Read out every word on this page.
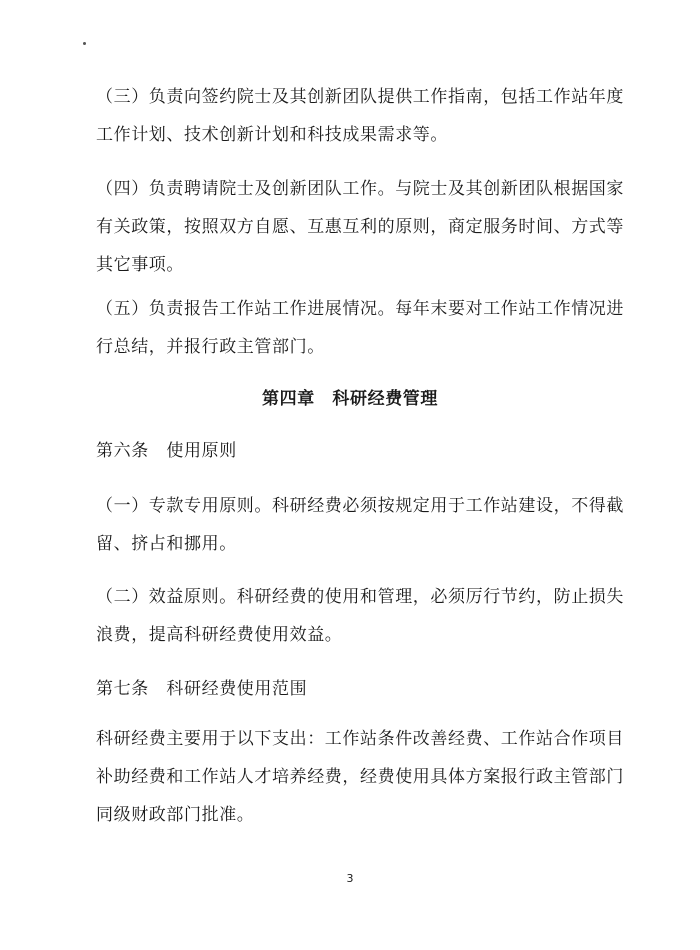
（三）负责向签约院士及其创新团队提供工作指南，包括工作站年度
工作计划、技术创新计划和科技成果需求等。

（四）负责聘请院士及创新团队工作。与院士及其创新团队根据国家
有关政策，按照双方自愿、互惠互利的原则，商定服务时间、方式等
其它事项。

（五）负责报告工作站工作进展情况。每年末要对工作站工作情况进
行总结，并报行政主管部门。

第四章　科研经费管理

第六条　使用原则

（一）专款专用原则。科研经费必须按规定用于工作站建设，不得截
留、挤占和挪用。

（二）效益原则。科研经费的使用和管理，必须厉行节约，防止损失
浪费，提高科研经费使用效益。

第七条　科研经费使用范围

科研经费主要用于以下支出：工作站条件改善经费、工作站合作项目
补助经费和工作站人才培养经费，经费使用具体方案报行政主管部门
同级财政部门批准。

3
